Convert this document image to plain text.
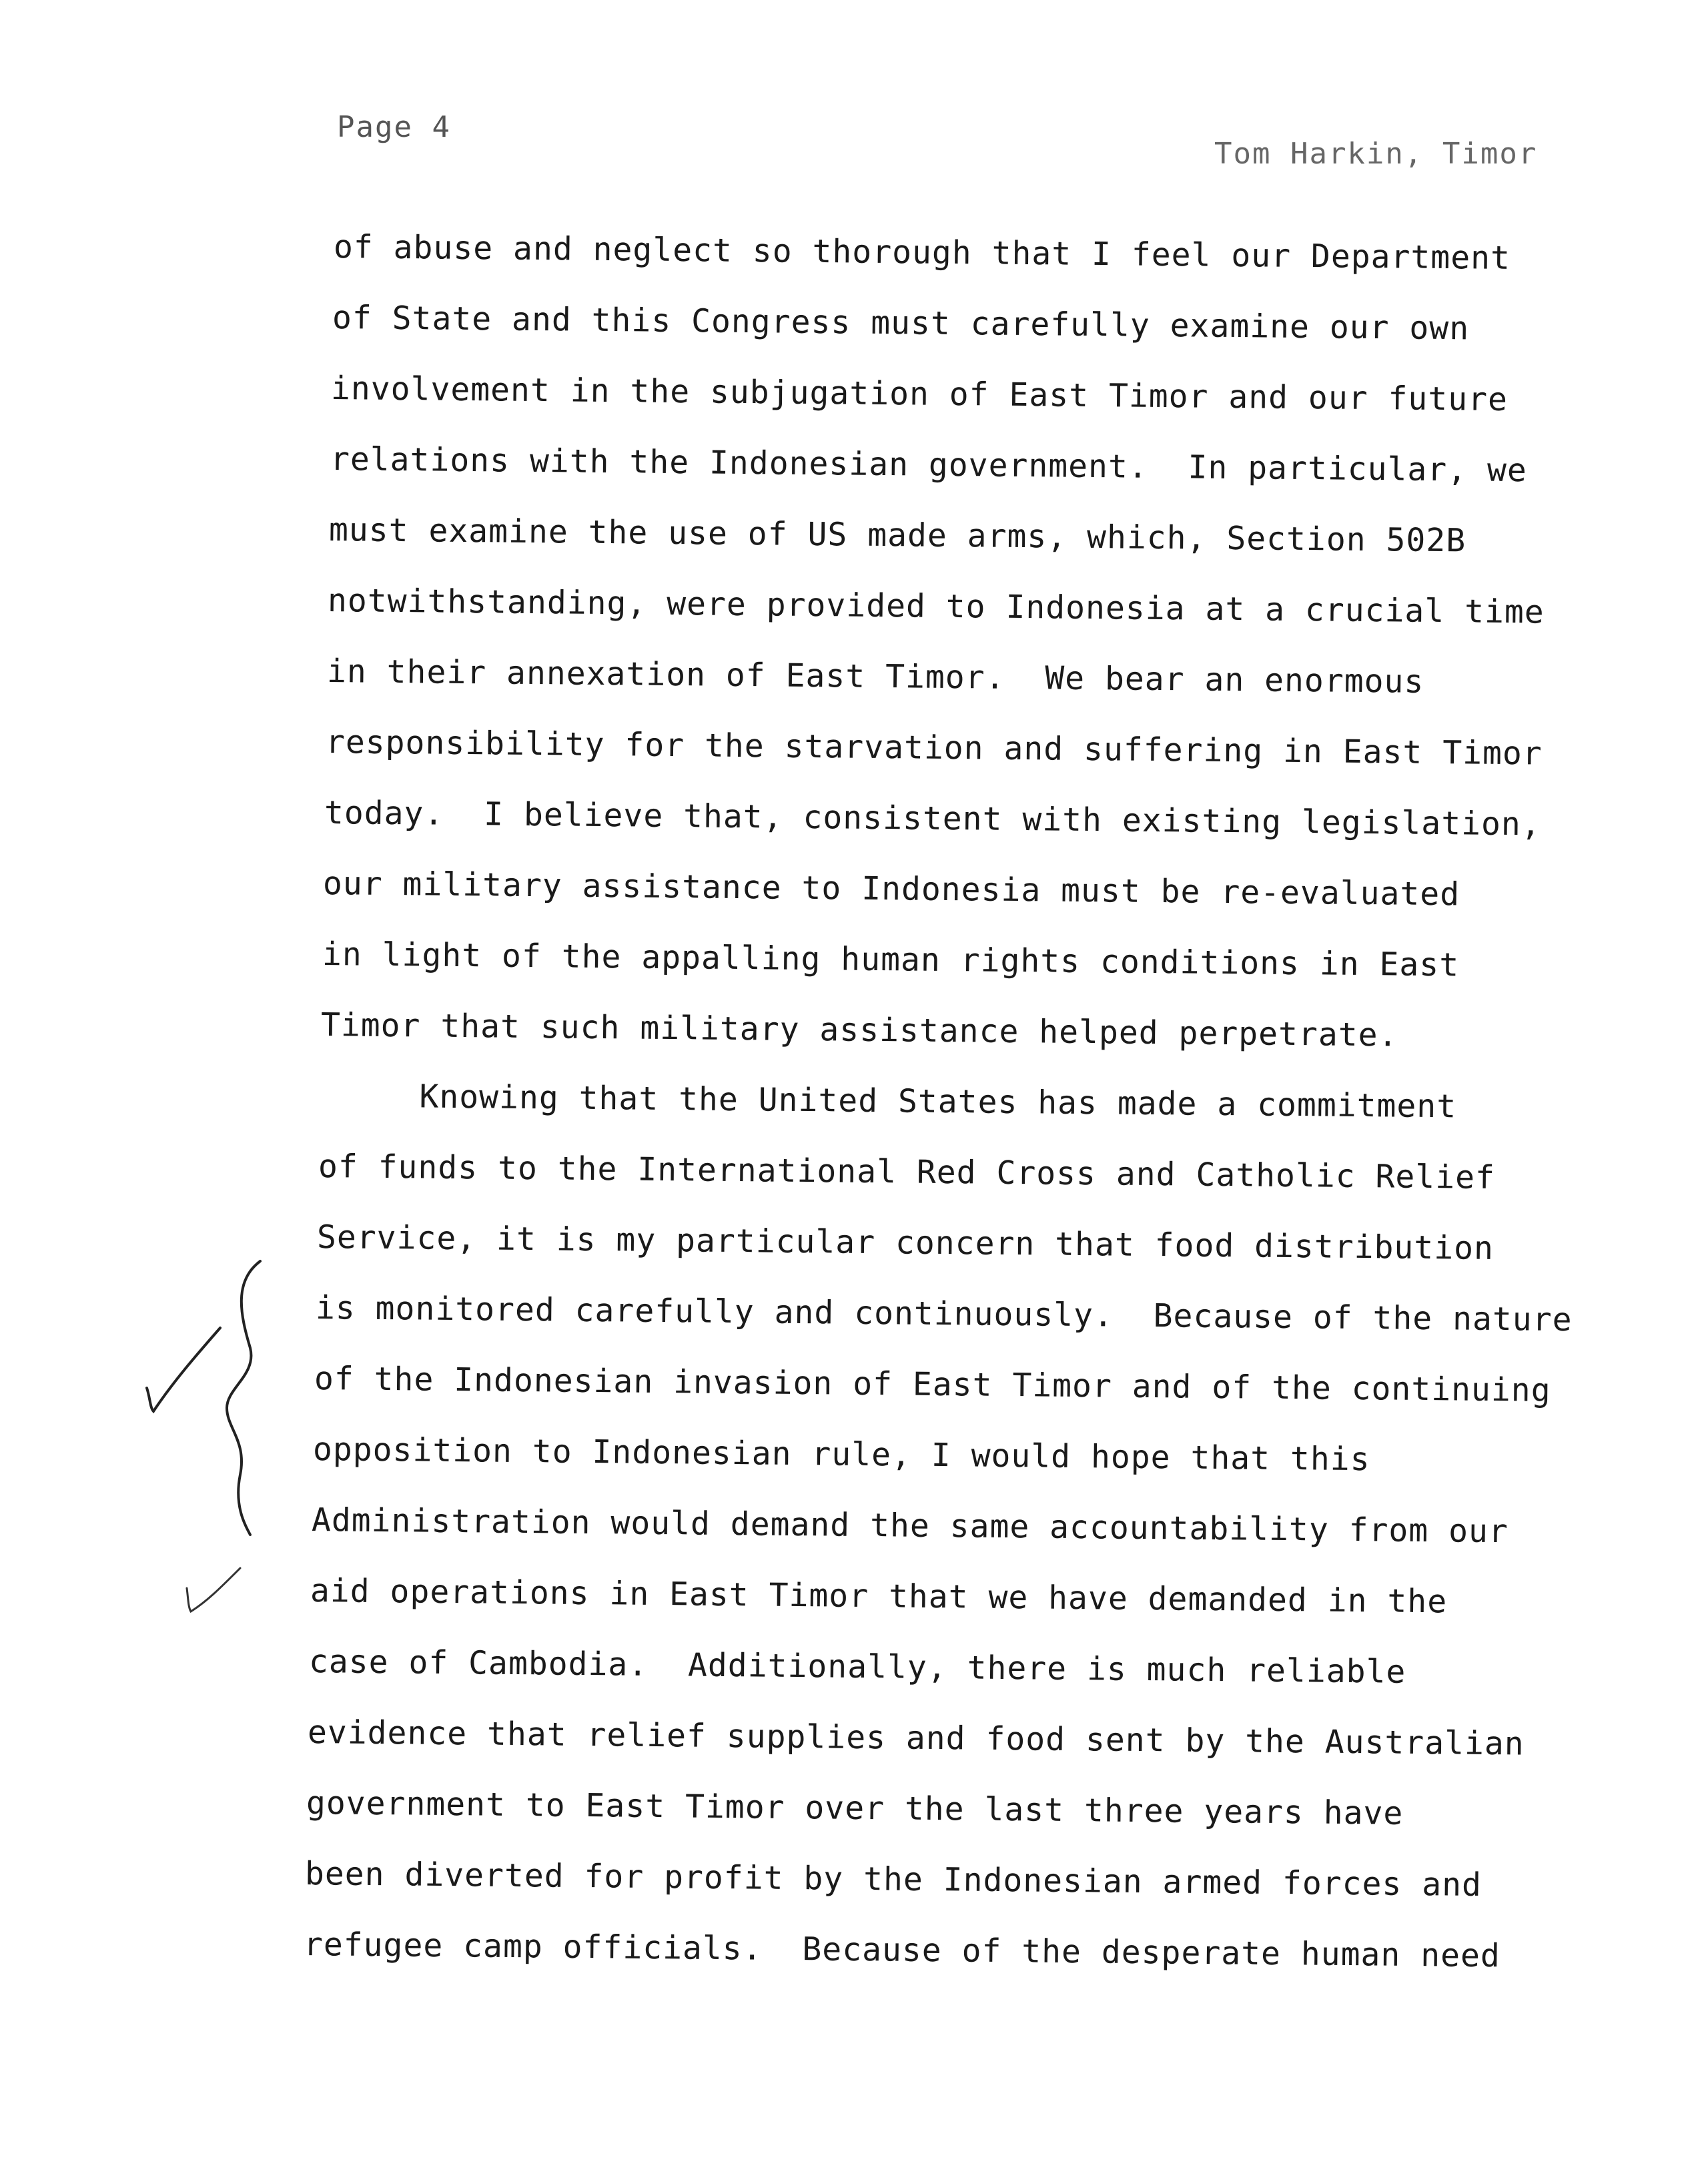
Page 4
Tom Harkin, Timor
of abuse and neglect so thorough that I feel our Department
of State and this Congress must carefully examine our own
involvement in the subjugation of East Timor and our future
relations with the Indonesian government.  In particular, we
must examine the use of US made arms, which, Section 502B
notwithstanding, were provided to Indonesia at a crucial time
in their annexation of East Timor.  We bear an enormous
responsibility for the starvation and suffering in East Timor
today.  I believe that, consistent with existing legislation,
our military assistance to Indonesia must be re-evaluated
in light of the appalling human rights conditions in East
Timor that such military assistance helped perpetrate.
Knowing that the United States has made a commitment
of funds to the International Red Cross and Catholic Relief
Service, it is my particular concern that food distribution
is monitored carefully and continuously.  Because of the nature
of the Indonesian invasion of East Timor and of the continuing
opposition to Indonesian rule, I would hope that this
Administration would demand the same accountability from our
aid operations in East Timor that we have demanded in the
case of Cambodia.  Additionally, there is much reliable
evidence that relief supplies and food sent by the Australian
government to East Timor over the last three years have
been diverted for profit by the Indonesian armed forces and
refugee camp officials.  Because of the desperate human need
